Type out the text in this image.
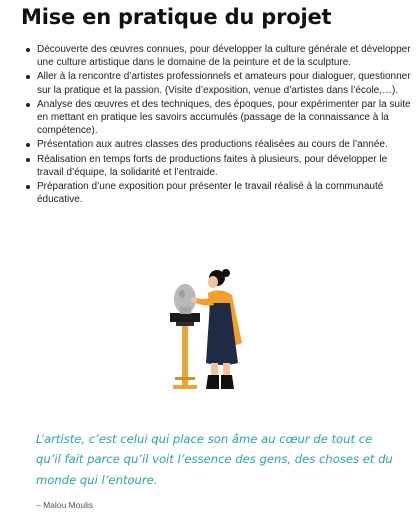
Mise en pratique du projet
Découverte des œuvres connues, pour développer la culture générale et développer une culture artistique dans le domaine de la peinture et de la sculpture.
Aller à la rencontre d’artistes professionnels et amateurs pour dialoguer, questionner sur la pratique et la passion. (Visite d’exposition, venue d’artistes dans l’école,…).
Analyse des œuvres et des techniques, des époques, pour expérimenter par la suite en mettant en pratique les savoirs accumulés (passage de la connaissance à la compétence).
Présentation aux autres classes des productions réalisées au cours de l’année.
Réalisation en temps forts de productions faites à plusieurs, pour développer le travail d’équipe, la solidarité et l’entraide.
Préparation d’une exposition pour présenter le travail réalisé à la communauté éducative.

L’artiste, c’est celui qui place son âme au cœur de tout ce qu’il fait parce qu’il voit l’essence des gens, des choses et du monde qui l’entoure.

– Malou Moulis
